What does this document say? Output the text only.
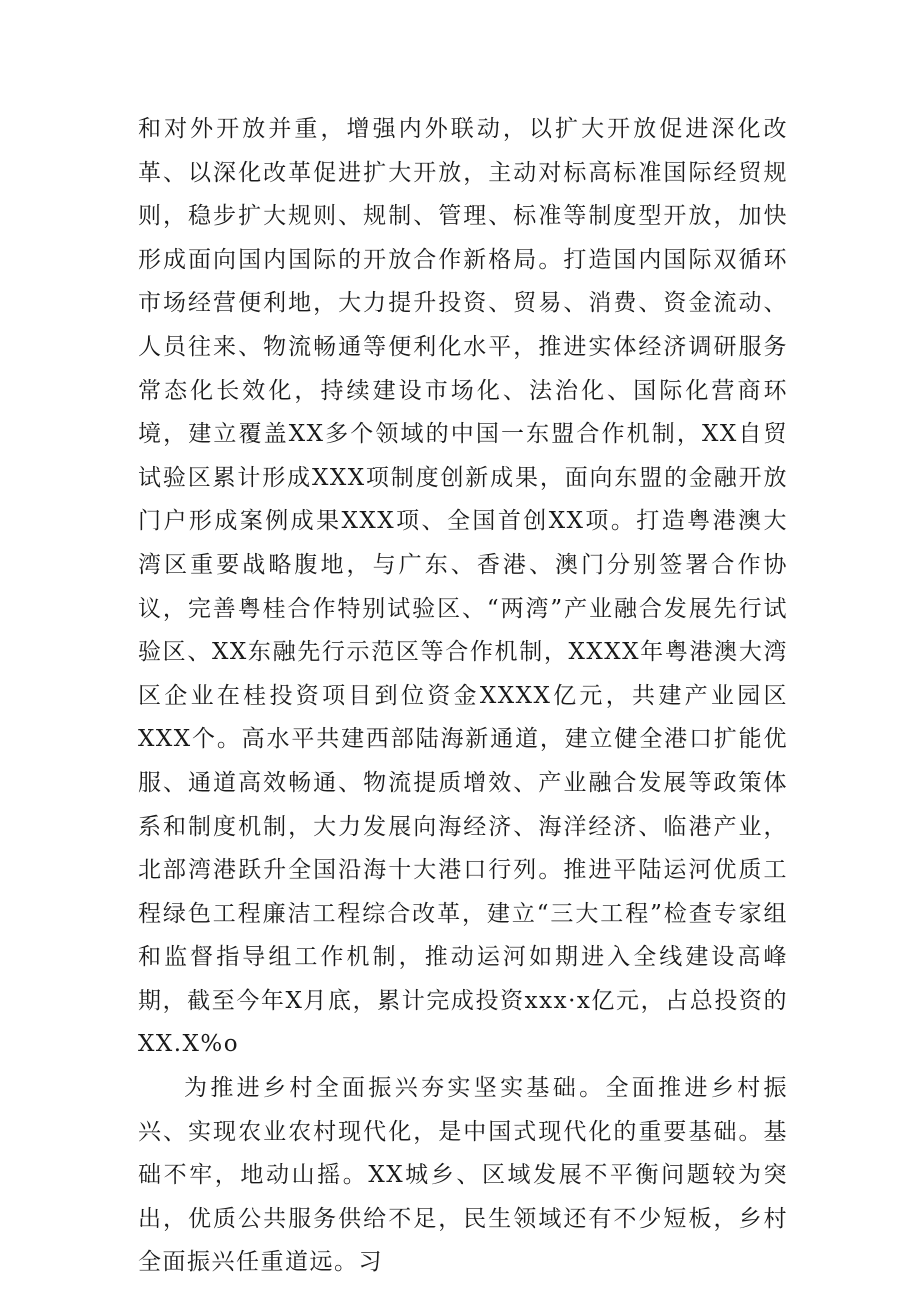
和对外开放并重，增强内外联动，以扩大开放促进深化改革、以深化改革促进扩大开放，主动对标高标准国际经贸规则，稳步扩大规则、规制、管理、标准等制度型开放，加快形成面向国内国际的开放合作新格局。打造国内国际双循环市场经营便利地，大力提升投资、贸易、消费、资金流动、人员往来、物流畅通等便利化水平，推进实体经济调研服务常态化长效化，持续建设市场化、法治化、国际化营商环境，建立覆盖XX多个领域的中国一东盟合作机制，XX自贸试验区累计形成XXX项制度创新成果，面向东盟的金融开放门户形成案例成果XXX项、全国首创XX项。打造粤港澳大湾区重要战略腹地，与广东、香港、澳门分别签署合作协议，完善粤桂合作特别试验区、“两湾”产业融合发展先行试验区、XX东融先行示范区等合作机制，XXXX年粤港澳大湾区企业在桂投资项目到位资金XXXX亿元，共建产业园区XXX个。高水平共建西部陆海新通道，建立健全港口扩能优服、通道高效畅通、物流提质增效、产业融合发展等政策体系和制度机制，大力发展向海经济、海洋经济、临港产业，北部湾港跃升全国沿海十大港口行列。推进平陆运河优质工程绿色工程廉洁工程综合改革，建立“三大工程”检查专家组和监督指导组工作机制，推动运河如期进入全线建设高峰期，截至今年X月底，累计完成投资xxx·x亿元，占总投资的XX.X%o

为推进乡村全面振兴夯实坚实基础。全面推进乡村振兴、实现农业农村现代化，是中国式现代化的重要基础。基础不牢，地动山摇。XX城乡、区域发展不平衡问题较为突出，优质公共服务供给不足，民生领域还有不少短板，乡村全面振兴任重道远。习
